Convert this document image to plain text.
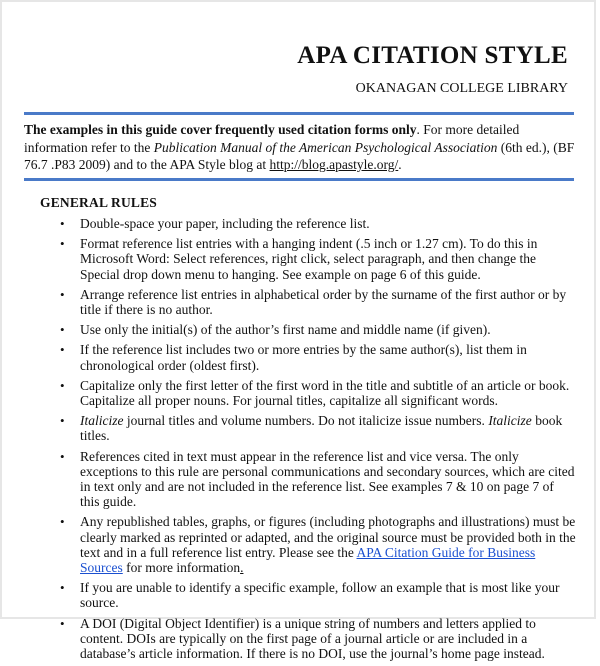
APA CITATION STYLE
OKANAGAN COLLEGE LIBRARY
The examples in this guide cover frequently used citation forms only. For more detailed information refer to the Publication Manual of the American Psychological Association (6th ed.), (BF 76.7 .P83 2009) and to the APA Style blog at http://blog.apastyle.org/.
GENERAL RULES
• Double-space your paper, including the reference list.
• Format reference list entries with a hanging indent (.5 inch or 1.27 cm). To do this in Microsoft Word: Select references, right click, select paragraph, and then change the Special drop down menu to hanging. See example on page 6 of this guide.
• Arrange reference list entries in alphabetical order by the surname of the first author or by title if there is no author.
• Use only the initial(s) of the author’s first name and middle name (if given).
• If the reference list includes two or more entries by the same author(s), list them in chronological order (oldest first).
• Capitalize only the first letter of the first word in the title and subtitle of an article or book. Capitalize all proper nouns. For journal titles, capitalize all significant words.
• Italicize journal titles and volume numbers. Do not italicize issue numbers. Italicize book titles.
• References cited in text must appear in the reference list and vice versa. The only exceptions to this rule are personal communications and secondary sources, which are cited in text only and are not included in the reference list. See examples 7 & 10 on page 7 of this guide.
• Any republished tables, graphs, or figures (including photographs and illustrations) must be clearly marked as reprinted or adapted, and the original source must be provided both in the text and in a full reference list entry. Please see the APA Citation Guide for Business Sources for more information.
• If you are unable to identify a specific example, follow an example that is most like your source.
• A DOI (Digital Object Identifier) is a unique string of numbers and letters applied to content. DOIs are typically on the first page of a journal article or are included in a database’s article information. If there is no DOI, use the journal’s home page instead.
